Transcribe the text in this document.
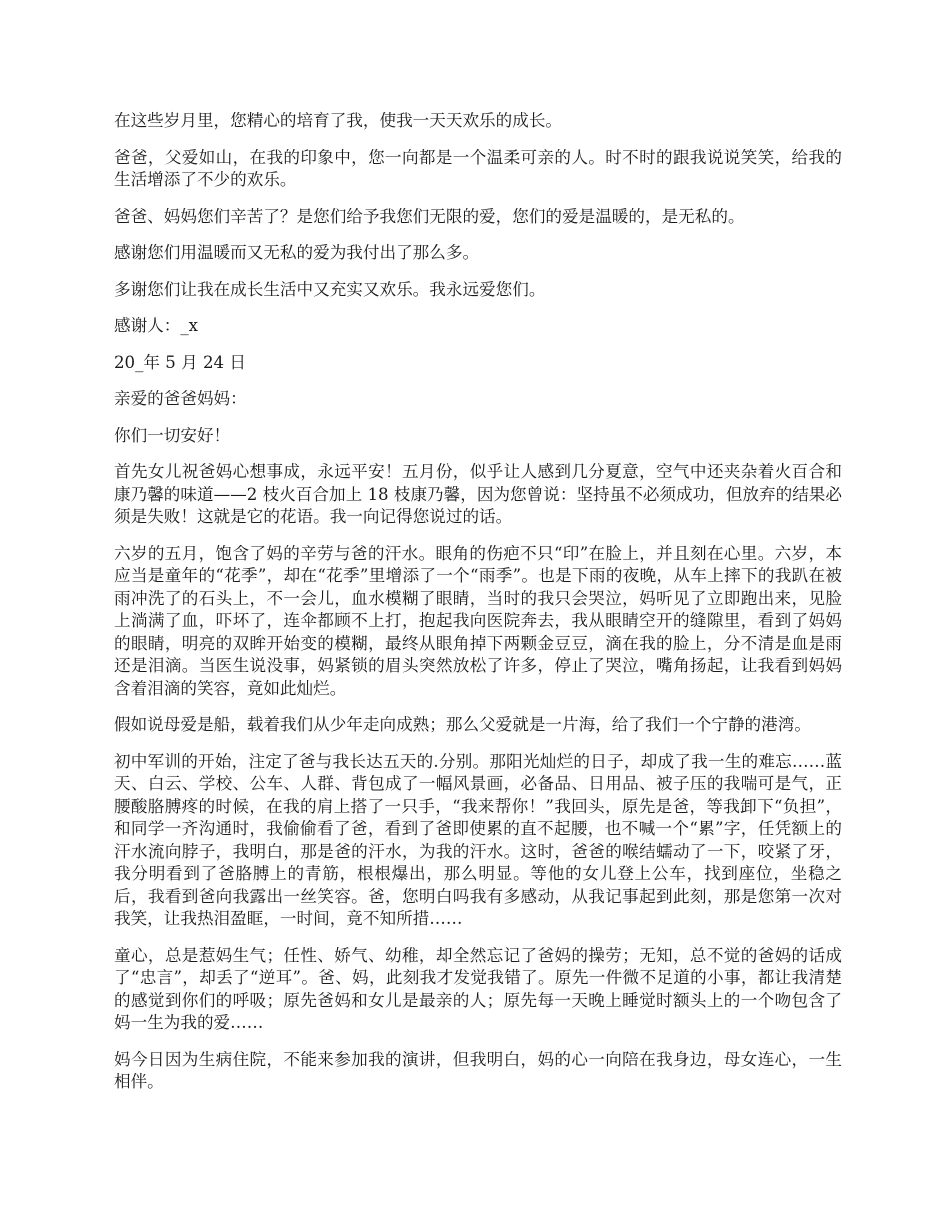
在这些岁月里，您精心的培育了我，使我一天天欢乐的成长。

爸爸，父爱如山，在我的印象中，您一向都是一个温柔可亲的人。时不时的跟我说说笑笑，给我的生活增添了不少的欢乐。

爸爸、妈妈您们辛苦了？是您们给予我您们无限的爱，您们的爱是温暖的，是无私的。

感谢您们用温暖而又无私的爱为我付出了那么多。

多谢您们让我在成长生活中又充实又欢乐。我永远爱您们。

感谢人：_x

20_年 5 月 24 日

亲爱的爸爸妈妈：

你们一切安好！

首先女儿祝爸妈心想事成，永远平安！五月份，似乎让人感到几分夏意，空气中还夹杂着火百合和康乃馨的味道——2 枝火百合加上 18 枝康乃馨，因为您曾说：坚持虽不必须成功，但放弃的结果必须是失败！这就是它的花语。我一向记得您说过的话。

六岁的五月，饱含了妈的辛劳与爸的汗水。眼角的伤疤不只“印”在脸上，并且刻在心里。六岁，本应当是童年的“花季”，却在“花季”里增添了一个“雨季”。也是下雨的夜晚，从车上摔下的我趴在被雨冲洗了的石头上，不一会儿，血水模糊了眼睛，当时的我只会哭泣，妈听见了立即跑出来，见脸上淌满了血，吓坏了，连伞都顾不上打，抱起我向医院奔去，我从眼睛空开的缝隙里，看到了妈妈的眼睛，明亮的双眸开始变的模糊，最终从眼角掉下两颗金豆豆，滴在我的脸上，分不清是血是雨还是泪滴。当医生说没事，妈紧锁的眉头突然放松了许多，停止了哭泣，嘴角扬起，让我看到妈妈含着泪滴的笑容，竟如此灿烂。

假如说母爱是船，载着我们从少年走向成熟；那么父爱就是一片海，给了我们一个宁静的港湾。

初中军训的开始，注定了爸与我长达五天的.分别。那阳光灿烂的日子，却成了我一生的难忘……蓝天、白云、学校、公车、人群、背包成了一幅风景画，必备品、日用品、被子压的我喘可是气，正腰酸胳膊疼的时候，在我的肩上搭了一只手，“我来帮你！”我回头，原先是爸，等我卸下“负担”，和同学一齐沟通时，我偷偷看了爸，看到了爸即使累的直不起腰，也不喊一个“累”字，任凭额上的汗水流向脖子，我明白，那是爸的汗水，为我的汗水。这时，爸爸的喉结蠕动了一下，咬紧了牙，我分明看到了爸胳膊上的青筋，根根爆出，那么明显。等他的女儿登上公车，找到座位，坐稳之后，我看到爸向我露出一丝笑容。爸，您明白吗我有多感动，从我记事起到此刻，那是您第一次对我笑，让我热泪盈眶，一时间，竟不知所措……

童心，总是惹妈生气；任性、娇气、幼稚，却全然忘记了爸妈的操劳；无知，总不觉的爸妈的话成了“忠言”，却丢了“逆耳”。爸、妈，此刻我才发觉我错了。原先一件微不足道的小事，都让我清楚的感觉到你们的呼吸；原先爸妈和女儿是最亲的人；原先每一天晚上睡觉时额头上的一个吻包含了妈一生为我的爱……

妈今日因为生病住院，不能来参加我的演讲，但我明白，妈的心一向陪在我身边，母女连心，一生相伴。
